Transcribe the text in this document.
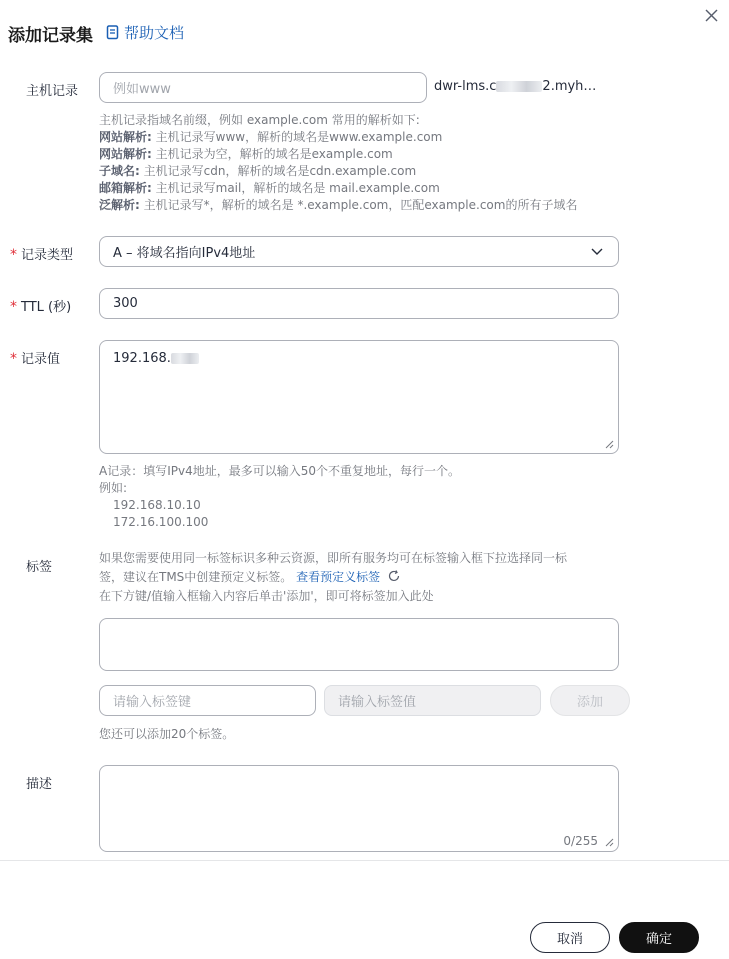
添加记录集 帮助文档
主机记录	例如www	dwr-lms.c	2.myh…
主机记录指域名前缀，例如 example.com 常用的解析如下:
网站解析: 主机记录写www，解析的域名是www.example.com
网站解析: 主机记录为空，解析的域名是example.com
子域名: 主机记录写cdn，解析的域名是cdn.example.com
邮箱解析: 主机记录写mail，解析的域名是 mail.example.com
泛解析: 主机记录写*，解析的域名是 *.example.com，匹配example.com的所有子域名
* 记录类型	A – 将域名指向IPv4地址
* TTL (秒)	300
* 记录值	192.168.
A记录：填写IPv4地址，最多可以输入50个不重复地址，每行一个。
例如:
192.168.10.10
172.16.100.100
标签
如果您需要使用同一标签标识多种云资源，即所有服务均可在标签输入框下拉选择同一标
签，建议在TMS中创建预定义标签。 查看预定义标签
在下方键/值输入框输入内容后单击'添加'，即可将标签加入此处
请输入标签键	请输入标签值	添加
您还可以添加20个标签。
描述
0/255
取消	确定
